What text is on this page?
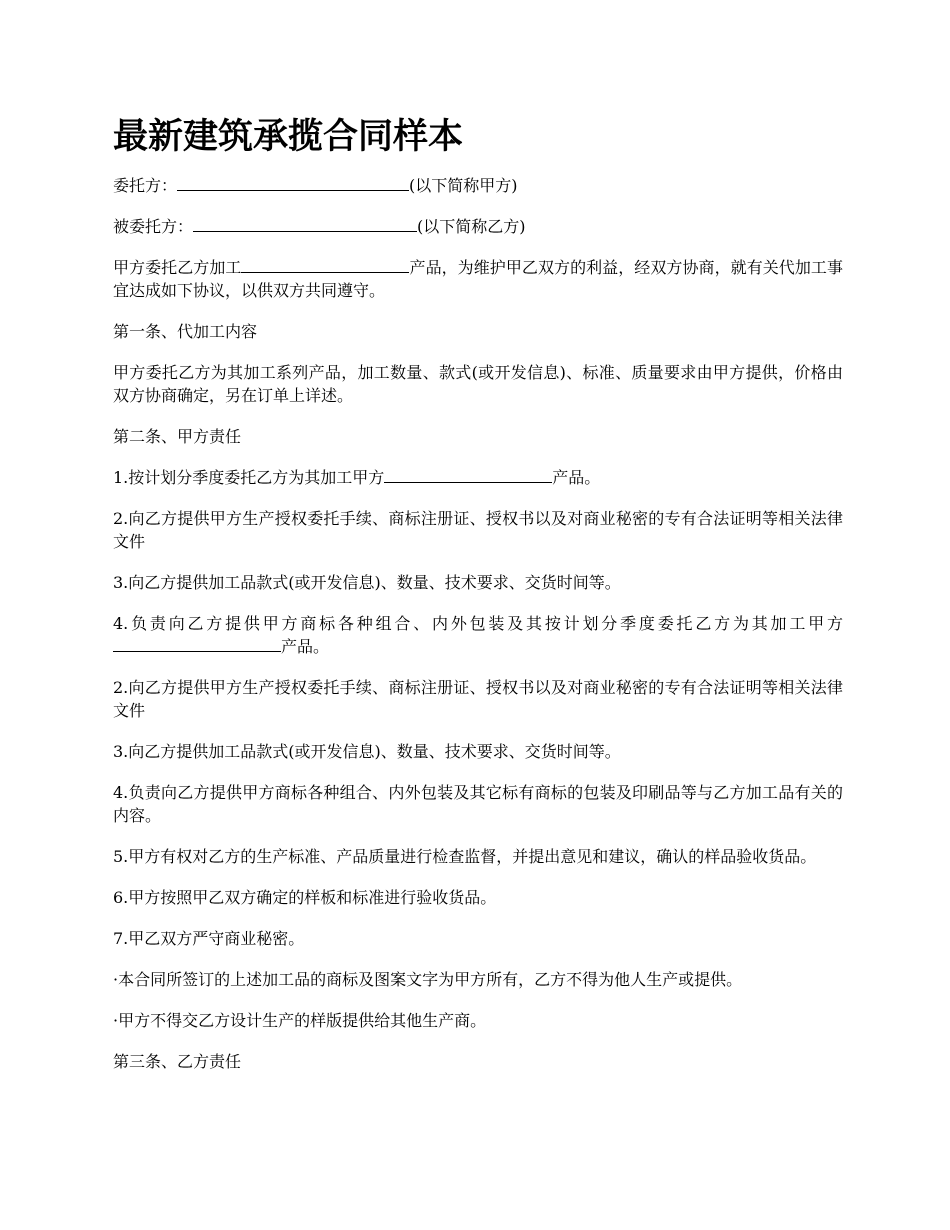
最新建筑承揽合同样本

委托方：	(以下简称甲方)

被委托方：	(以下简称乙方)

甲方委托乙方加工	产品，为维护甲乙双方的利益，经双方协商，就有关代加工事宜达成如下协议，以供双方共同遵守。

第一条、代加工内容

甲方委托乙方为其加工系列产品，加工数量、款式(或开发信息)、标准、质量要求由甲方提供，价格由双方协商确定，另在订单上详述。

第二条、甲方责任

1.按计划分季度委托乙方为其加工甲方	产品。

2.向乙方提供甲方生产授权委托手续、商标注册证、授权书以及对商业秘密的专有合法证明等相关法律文件

3.向乙方提供加工品款式(或开发信息)、数量、技术要求、交货时间等。

4.负责向乙方提供甲方商标各种组合、内外包装及其按计划分季度委托乙方为其加工甲方产品。

2.向乙方提供甲方生产授权委托手续、商标注册证、授权书以及对商业秘密的专有合法证明等相关法律文件

3.向乙方提供加工品款式(或开发信息)、数量、技术要求、交货时间等。

4.负责向乙方提供甲方商标各种组合、内外包装及其它标有商标的包装及印刷品等与乙方加工品有关的内容。

5.甲方有权对乙方的生产标准、产品质量进行检查监督，并提出意见和建议，确认的样品验收货品。

6.甲方按照甲乙双方确定的样板和标准进行验收货品。

7.甲乙双方严守商业秘密。

·本合同所签订的上述加工品的商标及图案文字为甲方所有，乙方不得为他人生产或提供。

·甲方不得交乙方设计生产的样版提供给其他生产商。

第三条、乙方责任
